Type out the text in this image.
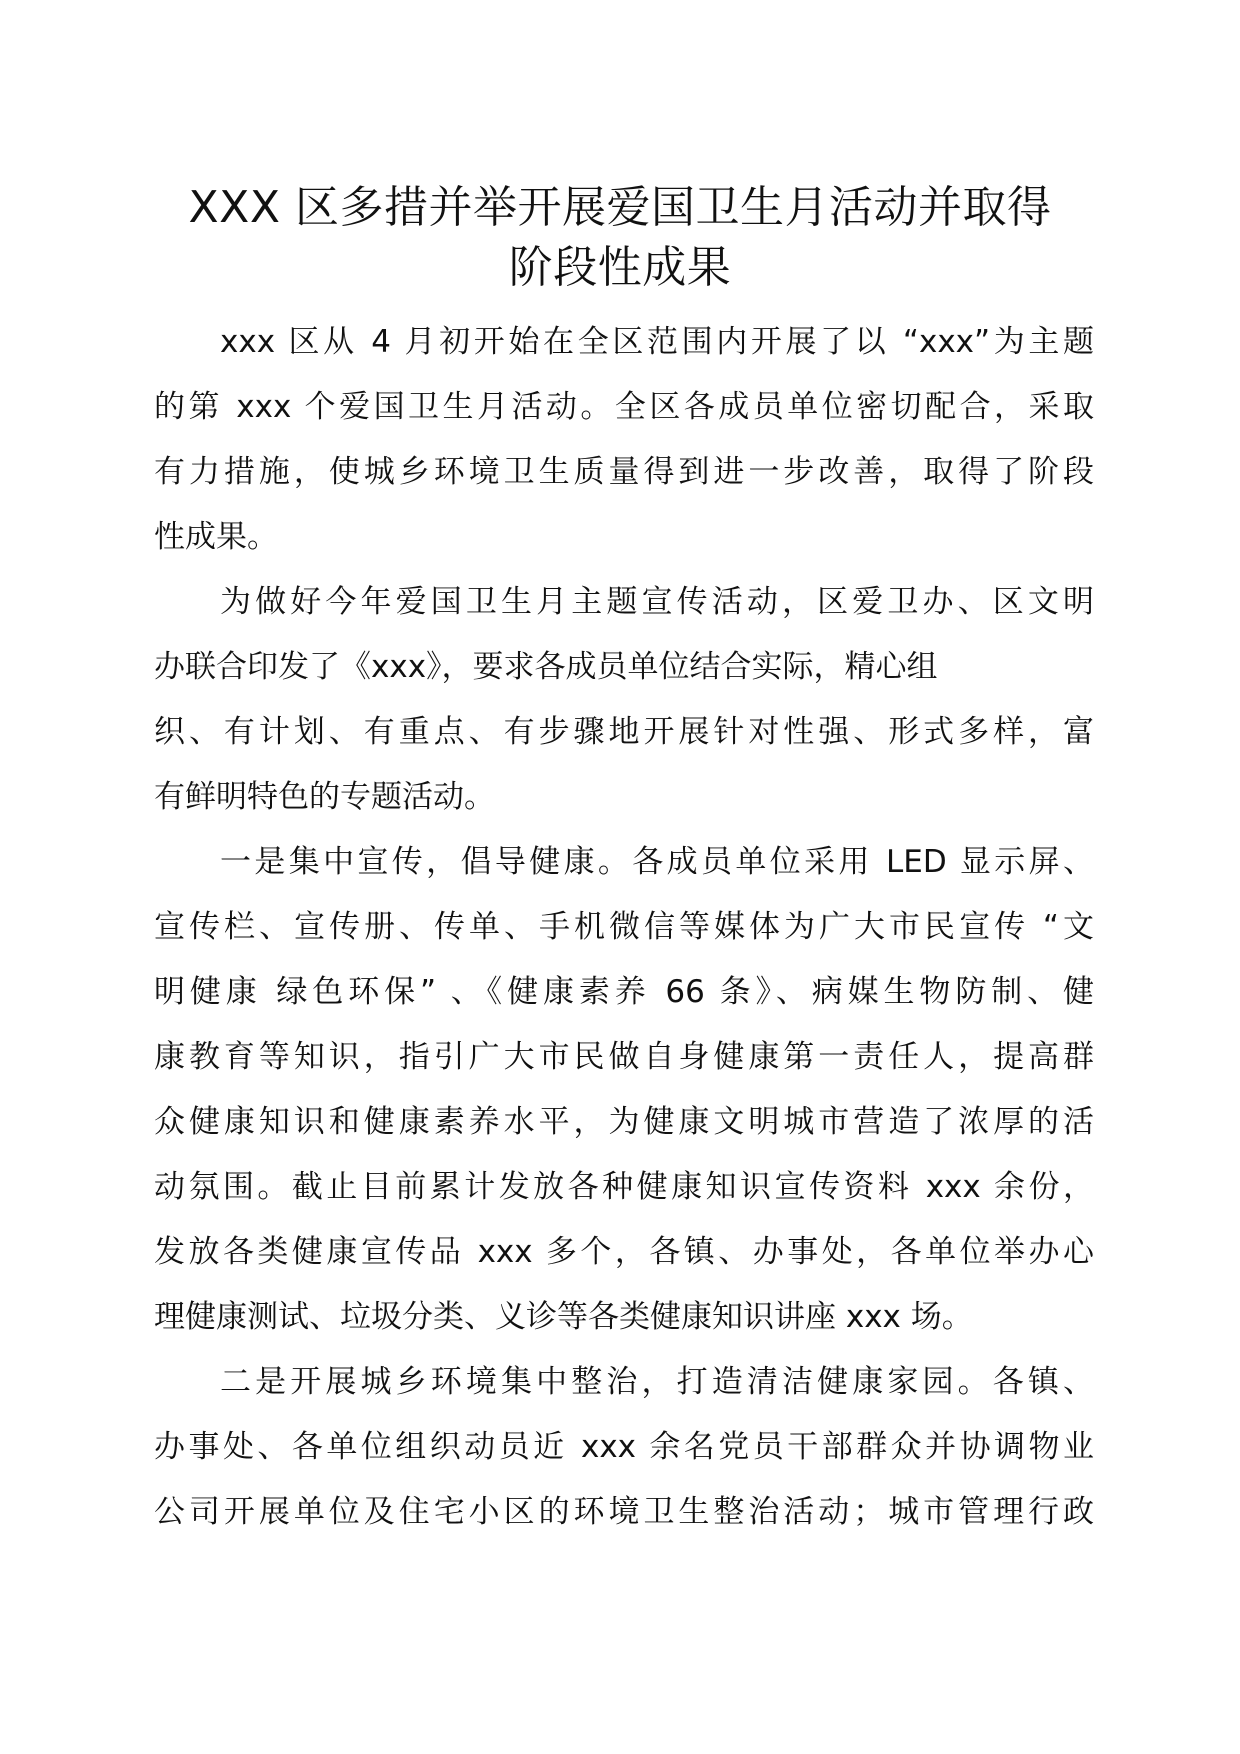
XXX 区多措并举开展爱国卫生月活动并取得
阶段性成果
xxx 区从 4 月初开始在全区范围内开展了以 “xxx”为主题
的第 xxx 个爱国卫生月活动。全区各成员单位密切配合，采取
有力措施，使城乡环境卫生质量得到进一步改善，取得了阶段
性成果。
为做好今年爱国卫生月主题宣传活动，区爱卫办、区文明
办联合印发了《xxx》，要求各成员单位结合实际，精心组
织、有计划、有重点、有步骤地开展针对性强、形式多样，富
有鲜明特色的专题活动。
一是集中宣传，倡导健康。各成员单位采用 LED 显示屏、
宣传栏、宣传册、传单、手机微信等媒体为广大市民宣传 “文
明健康 绿色环保” 、《健康素养 66 条》、病媒生物防制、健
康教育等知识，指引广大市民做自身健康第一责任人，提高群
众健康知识和健康素养水平，为健康文明城市营造了浓厚的活
动氛围。截止目前累计发放各种健康知识宣传资料 xxx 余份，
发放各类健康宣传品 xxx 多个，各镇、办事处，各单位举办心
理健康测试、垃圾分类、义诊等各类健康知识讲座 xxx 场。
二是开展城乡环境集中整治，打造清洁健康家园。各镇、
办事处、各单位组织动员近 xxx 余名党员干部群众并协调物业
公司开展单位及住宅小区的环境卫生整治活动；城市管理行政
